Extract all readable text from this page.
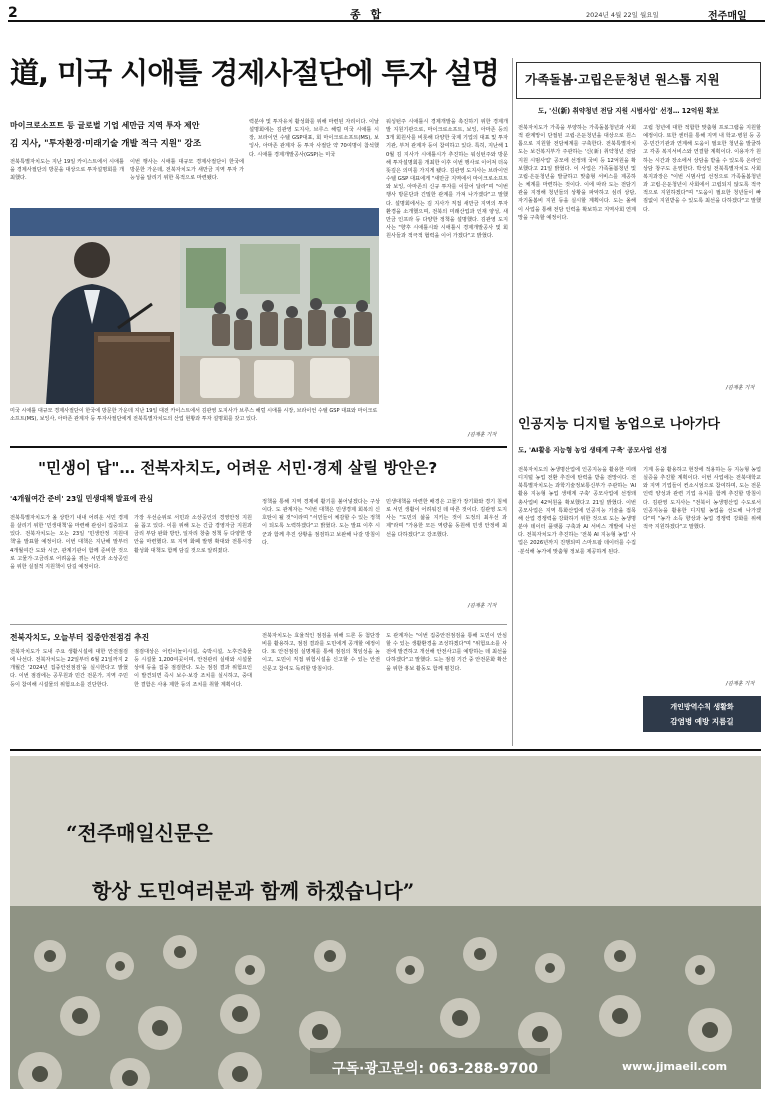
2	종 합	2024년 4월 22일 월요일	전주매일
道, 미국 시애틀 경제사절단에 투자 설명
마이크로소프트 등 글로벌 기업 세만금 지역 투자 제안
김 지사, "투자환경·미래기술 개발 적극 지원" 강조
전북특별자치도는 지난 19일 카이스트에서 시애틀을 경제사절단의 방문을 대상으로 투자설명회를 개최했다.
이번 행사는 시애틀 대규모 경제사절단이 한국에 방문한 가운데, 전북자치도가 새만금 지역 투자 가능성을 알리기 위한 목적으로 마련됐다.
력분야 및 투자유치 활성화를 위해 마련된 자리이다. 이날 설명회에는 김관영 도지사, 브루스 해럴 미국 시애틀 시장, 브라이언 수텔 GSP대표, 회 마이크로소프트(MS), 보잉사, 아마존 관계자 등 투자 사절단 약 70여명이 참석했다. 시애틀 경제개발공사(GSP)는 미국
워싱턴주 시애틀시 경제개발을 촉진하기 위한 경제개발 지원기관으로, 마이크로소프트, 보잉, 아마존 등의 3개 회원사를 비롯해 다양한 국제 기업의 대표 및 투자기관, 부처 관계자 등이 참여하고 있다. 특히, 지난해 10월 김 지사가 시애틀시가 추진하는 워싱턴주와 방문해 투자설명회를 개최한 이후 이번 행사로 이어져 더욱 뜻깊은 의미를 가지게 됐다. 김관영 도지사는 브라이언 수텔 GSP 대표에게 "새만금 지역에서 마이크로소프트와 보잉, 아마존의 신규 투자를 이끌어 달라"며 "이번 행사 방문단과 긴밀한 관계를 가져 나가겠다"고 말했다. 설명회에서는 김 지사가 직접 새만금 지역의 투자환경을 소개했으며, 전북의 미래산업과 인재 양성, 새만금 인프라 등 다양한 정책을 설명했다. 김관영 도지사는 "향후 시애틀시와 시애틀시 경제개발공사 및 회원사들과 적극적 협력을 이어 가겠다"고 밝혔다.
/김재훈 기자
미국 시애틀 대규모 경제사절단이 한국에 방문한 가운데 지난 19일 대전 카이스트에서 김관영 도지사가 브루스 해럴 시애틀 시장, 브라이언 수텔 GSP 대표와 마이크로소프트(MS), 보잉사, 아마존 관계자 등 투자사절단에게 전북특별자치도의 산업 현황과 투자 설명회를 갖고 있다.
가족돌봄·고립은둔청년 원스톱 지원
도, '신(新) 취약청년 전담 지원 시범사업' 선정… 12억원 확보
전북자치도가 가족을 부양하는 가족돌봄청년과 사회적 관계망이 단절된 고립·은둔청년을 대상으로 원스톱으로 지원할 전담체계를 구축한다. 전북특별자치도는 보건복지부가 주관하는 '신(新) 취약청년 전담 지원 시범사업' 공모에 선정돼 국비 등 12억원을 확보했다고 21일 밝혔다. 이 사업은 가족돌봄청년 및 고립·은둔청년을 발굴하고 맞춤형 서비스를 제공하는 체계를 마련하는 것이다. 이에 따라 도는 전담기관을 지정해 청년들의 상황을 파악하고 심리 상담, 자기돌봄비 지원 등을 실시할 계획이다. 도는 올해 이 사업을 통해 전담 인력을 확보하고 지역사회 연계망을 구축할 예정이다.
고립 청년에 대한 적합한 맞춤형 프로그램을 지원할 예정이다. 또한 센터를 통해 지역 내 학교·병원 등 공공·민간기관과 연계해 도움이 필요한 청년을 발굴하고 각종 복지서비스와 연결할 계획이다. 이용자가 원하는 시간과 장소에서 상담을 받을 수 있도록 온라인 상담 창구도 운영한다. 박성일 전북특별자치도 사회복지과장은 "이번 시범사업 선정으로 가족돌봄청년과 고립·은둔청년이 사회에서 고립되지 않도록 적극적으로 지원하겠다"며 "도움이 필요한 청년들이 빠짐없이 지원받을 수 있도록 최선을 다하겠다"고 말했다.
/김재훈 기자
인공지능 디지털 농업으로 나아가다
도, 'AI활용 지능형 농업 생태계 구축' 공모사업 선정
전북자치도의 농생명산업에 인공지능을 활용한 미래 디지털 농업 전환 추진에 탄력을 받을 전망이다. 전북특별자치도는 과학기술정보통신부가 주관하는 'AI활용 지능형 농업 생태계 구축' 공모사업에 선정돼 총사업비 42억원을 확보했다고 21일 밝혔다. 이번 공모사업은 지역 특화산업에 인공지능 기술을 접목해 산업 경쟁력을 강화하기 위한 것으로 도는 농생명 분야 데이터 플랫폼 구축과 AI 서비스 개발에 나선다. 전북자치도가 추진하는 '전북 AI 지능형 농업' 사업은 2026년까지 진행되며 스마트팜 데이터를 수집·분석해 농가에 맞춤형 정보를 제공하게 된다.
기계 등을 활용하고 현장에 적용하는 등 지능형 농업 실증을 추진할 계획이다. 이번 사업에는 전북대학교와 지역 기업들이 컨소시엄으로 참여하며, 도는 전문 인력 양성과 관련 기업 유치를 함께 추진할 방침이다. 김관영 도지사는 "전북이 농생명산업 수도로서 인공지능을 활용한 디지털 농업을 선도해 나가겠다"며 "농가 소득 향상과 농업 경쟁력 강화를 위해 적극 지원하겠다"고 말했다.
/김재훈 기자
개인방역수칙 생활화
감염병 예방 지름길
"민생이 답"… 전북자치도, 어려운 서민·경제 살릴 방안은?
'4개월여간 준비' 23일 민생대책 발표에 관심
전북특별자치도가 올 상반기 내내 어려운 서민 경제를 살리기 위한 '민생대책'을 마련해 관심이 집중되고 있다. 전북자치도는 오는 23일 '민생안정 지원대책'을 발표할 예정이다. 이번 대책은 지난해 말부터 4개월여간 도와 시군, 관계기관이 함께 준비한 것으로 고물가·고금리로 어려움을 겪는 서민과 소상공인을 위한 실질적 지원책이 담길 예정이다.
가장 우선순위로 서민과 소상공인의 경영안정 지원을 꼽고 있다. 이를 위해 도는 긴급 경영자금 지원과 금리 부담 완화 방안, 일자리 창출 정책 등 다양한 방안을 마련했다. 또 지역 화폐 발행 확대와 전통시장 활성화 대책도 함께 담길 것으로 알려졌다.
정책을 통해 지역 경제에 활기를 불어넣겠다는 구상이다. 도 관계자는 "이번 대책은 민생경제 회복의 신호탄이 될 것"이라며 "서민들이 체감할 수 있는 정책이 되도록 노력하겠다"고 밝혔다. 도는 발표 이후 시군과 함께 추진 상황을 점검하고 보완해 나갈 방침이다.
민생대책을 마련한 배경은 고물가 장기화와 경기 침체로 서민 생활이 어려워진 데 따른 것이다. 김관영 도지사는 "도민의 삶을 지키는 것이 도정의 최우선 과제"라며 "가용한 모든 역량을 동원해 민생 안정에 최선을 다하겠다"고 강조했다.
/김재훈 기자
전북자치도, 오늘부터 집중안전점검 추진
전북자치도가 도내 주요 생활시설에 대한 안전점검에 나선다. 전북자치도는 22일부터 6월 21일까지 2개월간 '2024년 집중안전점검'을 실시한다고 밝혔다. 이번 점검에는 공무원과 민간 전문가, 지역 주민 등이 참여해 시설물의 위험요소를 진단한다.
점검대상은 어린이놀이시설, 숙박시설, 노후건축물 등 시설물 1,200여곳이며, 안전관리 실태와 시설물 상태 등을 집중 점검한다. 도는 점검 결과 위험요인이 발견되면 즉시 보수·보강 조치를 실시하고, 중대한 결함은 사용 제한 등의 조치를 취할 계획이다.
전북자치도는 효율적인 점검을 위해 드론 등 첨단장비를 활용하고, 점검 결과를 도민에게 공개할 예정이다. 또 안전점검 실명제를 통해 점검의 책임성을 높이고, 도민이 직접 위험시설을 신고할 수 있는 안전신문고 참여도 독려할 방침이다.
도 관계자는 "이번 집중안전점검을 통해 도민이 안심할 수 있는 생활환경을 조성하겠다"며 "위험요소를 사전에 발견하고 개선해 안전사고를 예방하는 데 최선을 다하겠다"고 말했다. 도는 점검 기간 중 안전문화 확산을 위한 홍보 활동도 함께 펼친다.
“전주매일신문은
항상 도민여러분과 함께 하겠습니다”
구독·광고문의: 063-288-9700	www.jjmaeil.com
